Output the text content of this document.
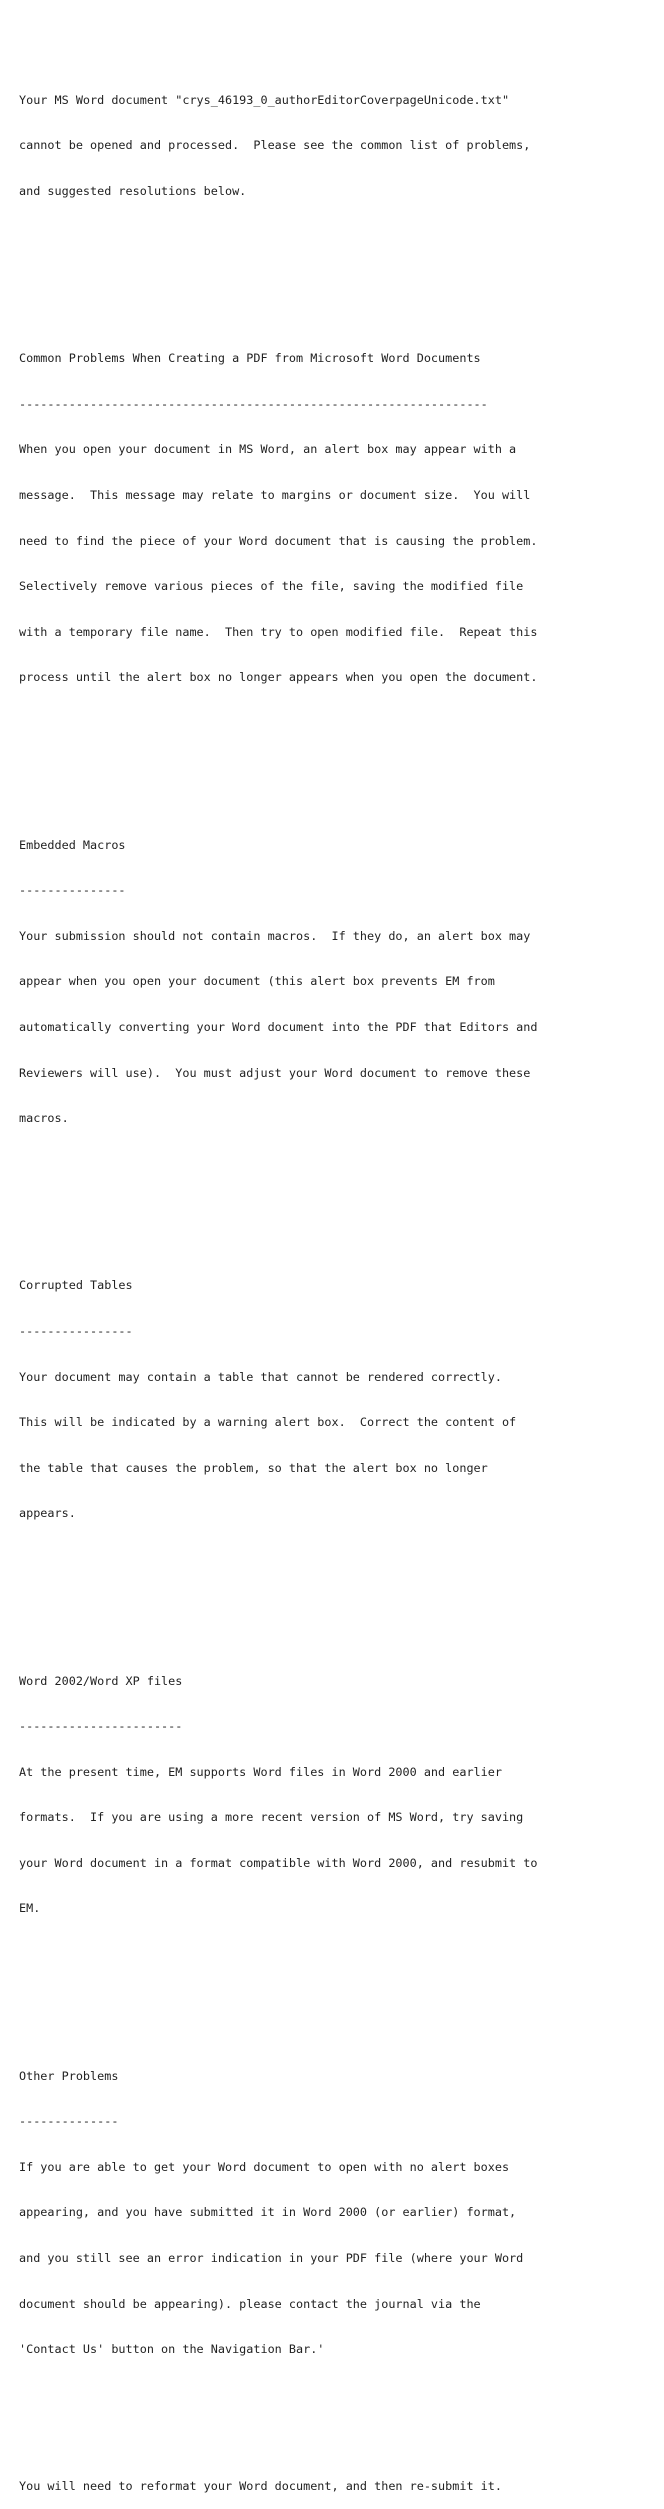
Your MS Word document "crys_46193_0_authorEditorCoverpageUnicode.txt"

cannot be opened and processed.  Please see the common list of problems,

and suggested resolutions below.

Common Problems When Creating a PDF from Microsoft Word Documents

------------------------------------------------------------------

When you open your document in MS Word, an alert box may appear with a

message.  This message may relate to margins or document size.  You will

need to find the piece of your Word document that is causing the problem.

Selectively remove various pieces of the file, saving the modified file

with a temporary file name.  Then try to open modified file.  Repeat this

process until the alert box no longer appears when you open the document.

Embedded Macros

---------------

Your submission should not contain macros.  If they do, an alert box may

appear when you open your document (this alert box prevents EM from

automatically converting your Word document into the PDF that Editors and

Reviewers will use).  You must adjust your Word document to remove these

macros.

Corrupted Tables

----------------

Your document may contain a table that cannot be rendered correctly.

This will be indicated by a warning alert box.  Correct the content of

the table that causes the problem, so that the alert box no longer

appears.

Word 2002/Word XP files

-----------------------

At the present time, EM supports Word files in Word 2000 and earlier

formats.  If you are using a more recent version of MS Word, try saving

your Word document in a format compatible with Word 2000, and resubmit to

EM.

Other Problems

--------------

If you are able to get your Word document to open with no alert boxes

appearing, and you have submitted it in Word 2000 (or earlier) format,

and you still see an error indication in your PDF file (where your Word

document should be appearing). please contact the journal via the

'Contact Us' button on the Navigation Bar.'

You will need to reformat your Word document, and then re-submit it.
